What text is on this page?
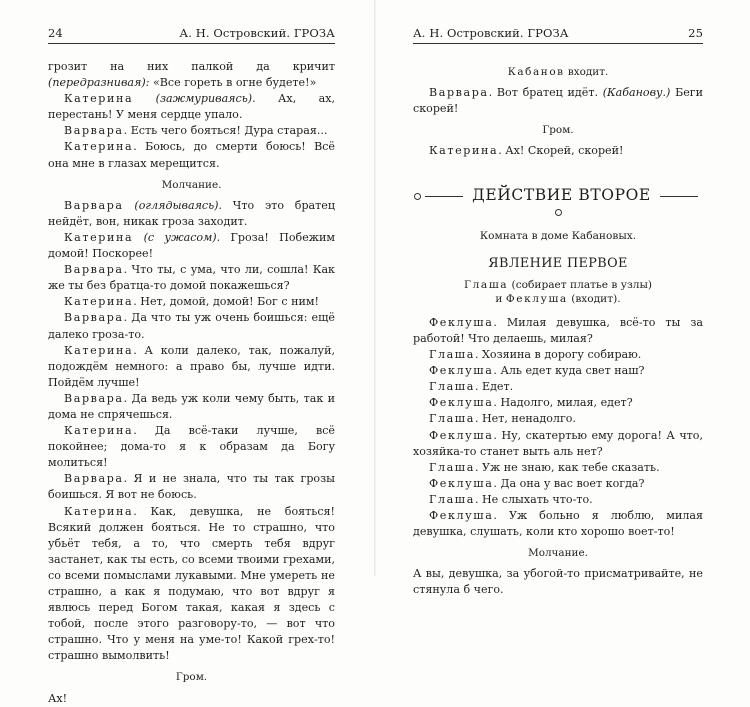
24	А. Н. Островский. ГРОЗА

грозит на них палкой да кричит (передразнивая): «Все гореть в огне будете!»

Катерина (зажмуриваясь). Ах, ах, перестань! У меня сердце упало.

Варвара. Есть чего бояться! Дура старая...

Катерина. Боюсь, до смерти боюсь! Всё она мне в глазах мерещится.

Молчание.

Варвара (оглядываясь). Что это братец нейдёт, вон, никак гроза заходит.

Катерина (с ужасом). Гроза! Побежим домой! Поскорее!

Варвара. Что ты, с ума, что ли, сошла! Как же ты без братца-то домой покажешься?

Катерина. Нет, домой, домой! Бог с ним!

Варвара. Да что ты уж очень боишься: ещё далеко гроза-то.

Катерина. А коли далеко, так, пожалуй, подождём немного: а право бы, лучше идти. Пойдём лучше!

Варвара. Да ведь уж коли чему быть, так и дома не спрячешься.

Катерина. Да всё-таки лучше, всё покойнее; дома-то я к образам да Богу молиться!

Варвара. Я и не знала, что ты так грозы боишься. Я вот не боюсь.

Катерина. Как, девушка, не бояться! Всякий должен бояться. Не то страшно, что убьёт тебя, а то, что смерть тебя вдруг застанет, как ты есть, со всеми твоими грехами, со всеми помыслами лукавыми. Мне умереть не страшно, а как я подумаю, что вот вдруг я явлюсь перед Богом такая, какая я здесь с тобой, после этого разговору-то, — вот что страшно. Что у меня на уме-то! Какой грех-то! страшно вымолвить!

Гром.

Ах!

А. Н. Островский. ГРОЗА	25

Кабанов входит.

Варвара. Вот братец идёт. (Кабанову.) Беги скорей!

Гром.

Катерина. Ах! Скорей, скорей!

ДЕЙСТВИЕ ВТОРОЕ
Комната в доме Кабановых.
ЯВЛЕНИЕ ПЕРВОЕ
Глаша (собирает платье в узлы)
и Феклуша (входит).

Феклуша. Милая девушка, всё-то ты за работой! Что делаешь, милая?

Глаша. Хозяина в дорогу собираю.

Феклуша. Аль едет куда свет наш?

Глаша. Едет.

Феклуша. Надолго, милая, едет?

Глаша. Нет, ненадолго.

Феклуша. Ну, скатертью ему дорога! А что, хозяйка-то станет выть аль нет?

Глаша. Уж не знаю, как тебе сказать.

Феклуша. Да она у вас воет когда?

Глаша. Не слыхать что-то.

Феклуша. Уж больно я люблю, милая девушка, слушать, коли кто хорошо воет-то!

Молчание.

А вы, девушка, за убогой-то присматривайте, не стянула б чего.
